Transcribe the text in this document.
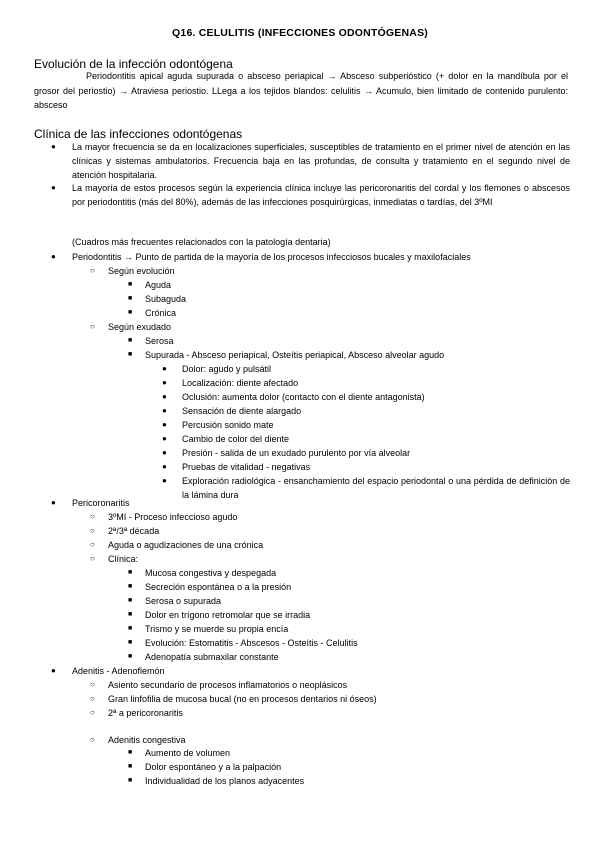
Q16. CELULITIS (INFECCIONES ODONTÓGENAS)
Evolución de la infección odontógena
Periodontitis apical aguda supurada o absceso periapical → Absceso subperióstico (+ dolor en la mandíbula por el grosor del periostio) → Atraviesa periostio. LLega a los tejidos blandos: celulitis → Acumulo, bien limitado de contenido purulento: absceso
Clínica de las infecciones odontógenas
● La mayor frecuencia se da en localizaciones superficiales, susceptibles de tratamiento en el primer nivel de atención en las clínicas y sistemas ambulatorios. Frecuencia baja en las profundas, de consulta y tratamiento en el segundo nivel de atención hospitalaria.
● La mayoría de estos procesos según la experiencia clínica incluye las pericoronaritis del cordal y los flemones o abscesos por periodontitis (más del 80%), además de las infecciones posquirúrgicas, inmediatas o tardías, del 3ºMI
(Cuadros más frecuentes relacionados con la patología dentaria)
● Periodontitis → Punto de partida de la mayoría de los procesos infecciosos bucales y maxilofaciales
○ Según evolución
■ Aguda
■ Subaguda
■ Crónica
○ Según exudado
■ Serosa
■ Supurada - Absceso periapical, Osteítis periapical, Absceso alveolar agudo
● Dolor: agudo y pulsátil
● Localización: diente afectado
● Oclusión: aumenta dolor (contacto con el diente antagonista)
● Sensación de diente alargado
● Percusión sonido mate
● Cambio de color del diente
● Presión - salida de un exudado purulento por vía alveolar
● Pruebas de vitalidad - negativas
● Exploración radiológica - ensanchamiento del espacio periodontal o una pérdida de definición de la lámina dura
● Pericoronaritis
○ 3ºMI - Proceso infeccioso agudo
○ 2ª/3ª década
○ Aguda o agudizaciones de una crónica
○ Clínica:
■ Mucosa congestiva y despegada
■ Secreción espontánea o a la presión
■ Serosa o supurada
■ Dolor en trígono retromolar que se irradia
■ Trismo y se muerde su propia encía
■ Evolución: Estomatitis - Abscesos - Osteítis - Celulitis
■ Adenopatía submaxilar constante
● Adenitis - Adenoflemón
○ Asiento secundario de procesos inflamatorios o neoplásicos
○ Gran linfofilia de mucosa bucal (no en procesos dentarios ni óseos)
○ 2ª a pericoronaritis
○ Adenitis congestiva
■ Aumento de volumen
■ Dolor espontáneo y a la palpación
■ Individualidad de los planos adyacentes
